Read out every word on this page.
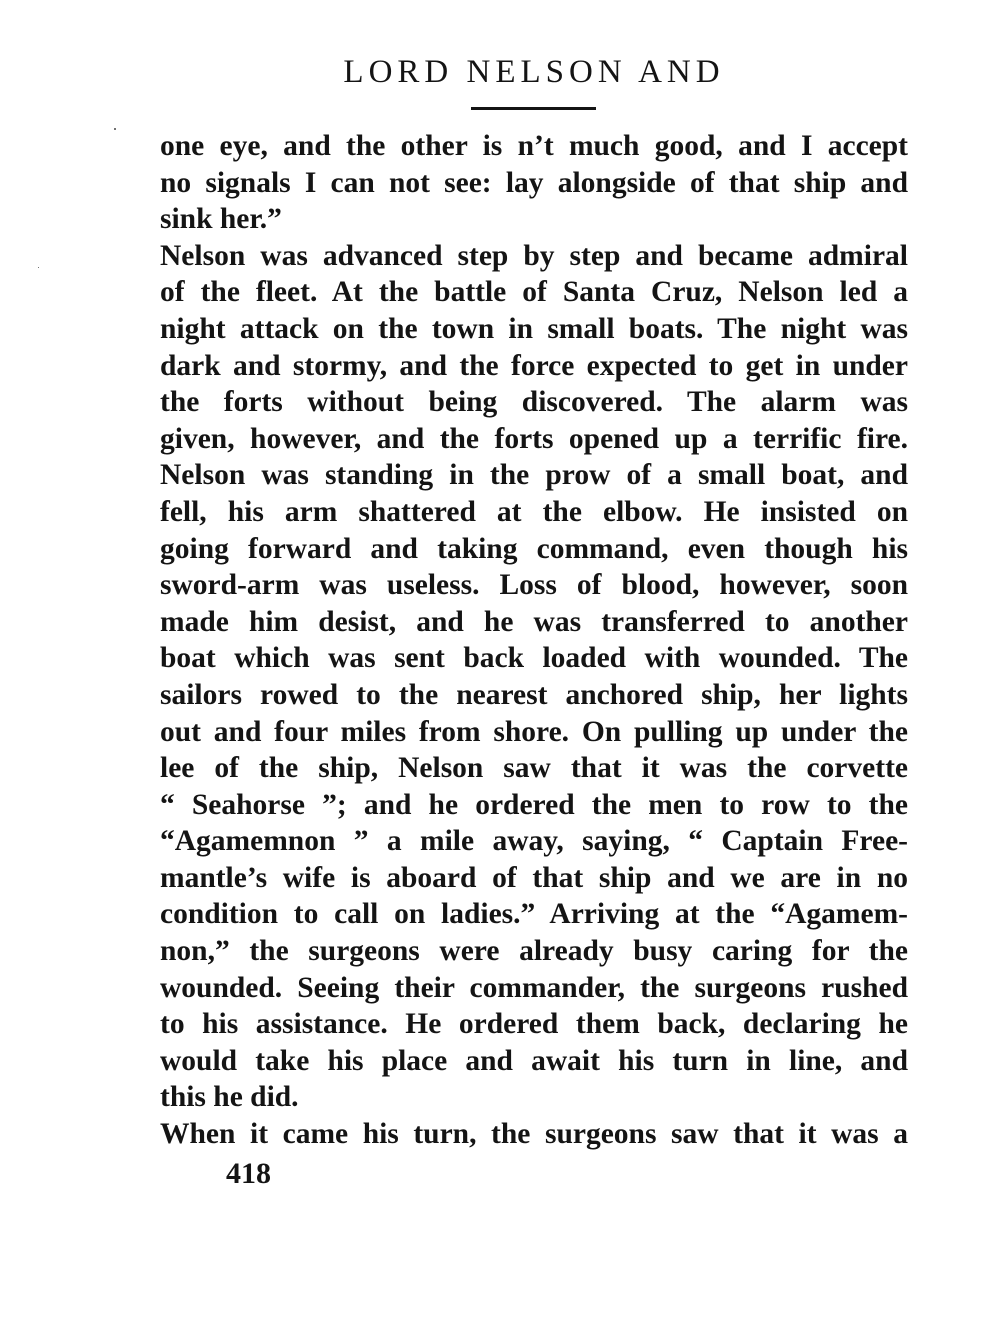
LORD NELSON AND
one eye, and the other is n’t much good, and I accept
no signals I can not see: lay alongside of that ship and
sink her.”
Nelson was advanced step by step and became admiral
of the fleet. At the battle of Santa Cruz, Nelson led a
night attack on the town in small boats. The night was
dark and stormy, and the force expected to get in under
the forts without being discovered. The alarm was
given, however, and the forts opened up a terrific fire.
Nelson was standing in the prow of a small boat, and
fell, his arm shattered at the elbow. He insisted on
going forward and taking command, even though his
sword-arm was useless. Loss of blood, however, soon
made him desist, and he was transferred to another
boat which was sent back loaded with wounded. The
sailors rowed to the nearest anchored ship, her lights
out and four miles from shore. On pulling up under the
lee of the ship, Nelson saw that it was the corvette
“ Seahorse ”; and he ordered the men to row to the
“Agamemnon ” a mile away, saying, “ Captain Free-
mantle’s wife is aboard of that ship and we are in no
condition to call on ladies.” Arriving at the “Agamem-
non,” the surgeons were already busy caring for the
wounded. Seeing their commander, the surgeons rushed
to his assistance. He ordered them back, declaring he
would take his place and await his turn in line, and
this he did.
When it came his turn, the surgeons saw that it was a
418
